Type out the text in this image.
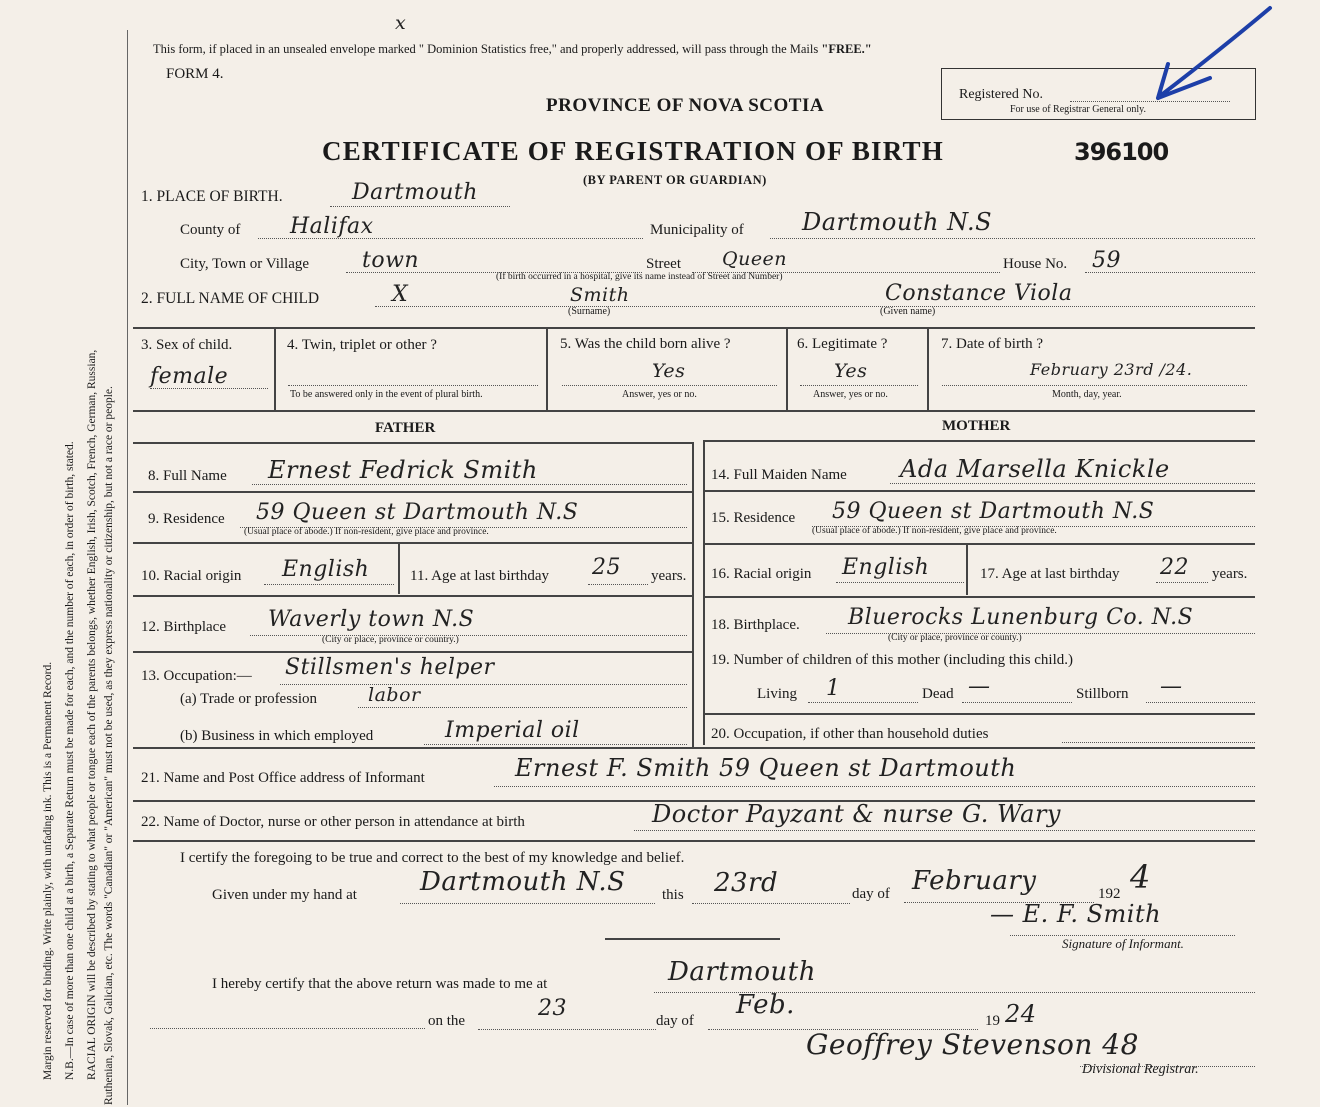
Margin reserved for binding. Write plainly, with unfading ink. This is a Permanent Record. N.B.—In case of more than one child at a birth, a Separate Return must be made for each, and the number of each, in order of birth, stated. RACIAL ORIGIN will be described by stating to what people or tongue each of the parents belongs, whether English, Irish, Scotch, French, German, Russian, Ruthenian, Slovak, Galician, etc. The words "Canadian" or "American" must not be used, as they express nationality or citizenship, but not a race or people.
x
This form, if placed in an unsealed envelope marked " Dominion Statistics free," and properly addressed, will pass through the Mails "FREE."
FORM 4.
PROVINCE OF NOVA SCOTIA
Registered No.
For use of Registrar General only.
CERTIFICATE OF REGISTRATION OF BIRTH	396100
(BY PARENT OR GUARDIAN)
1. PLACE OF BIRTH.	Dartmouth
County of Halifax	Municipality of Dartmouth N.S
City, Town or Village town	Street Queen
(If birth occurred in a hospital, give its name instead of Street and Number)
House No. 59
2. FULL NAME OF CHILD	X	Smith
(Surname)
Constance Viola
(Given name)
3. Sex of child.
female
4. Twin, triplet or other ?
To be answered only in the event of plural birth.
5. Was the child born alive ?
Yes
Answer, yes or no.
6. Legitimate ?
Yes
Answer, yes or no.
7. Date of birth ?
February 23rd /24.
Month, day, year.
FATHER	MOTHER
8. Full Name Ernest Fedrick Smith
9. Residence 59 Queen st Dartmouth N.S
(Usual place of abode.) If non-resident, give place and province.
10. Racial origin English	11. Age at last birthday 25 years.
12. Birthplace Waverly town N.S
(City or place, province or country.)
13. Occupation:— Stillsmen's helper
(a) Trade or profession	labor
(b) Business in which employed	Imperial oil
14. Full Maiden Name Ada Marsella Knickle
15. Residence 59 Queen st Dartmouth N.S
(Usual place of abode.) If non-resident, give place and province.
16. Racial origin English	17. Age at last birthday 22 years.
18. Birthplace. Bluerocks Lunenburg Co. N.S
(City or place, province or county.)
19. Number of children of this mother (including this child.)
Living 1	Dead —	Stillborn —
20. Occupation, if other than household duties
21. Name and Post Office address of Informant	Ernest F. Smith 59 Queen st Dartmouth
22. Name of Doctor, nurse or other person in attendance at birth	Doctor Payzant & nurse G. Wary
I certify the foregoing to be true and correct to the best of my knowledge and belief.
Given under my hand at Dartmouth N.S this 23rd	day of February	192 4
— E. F. Smith
Signature of Informant.
I hereby certify that the above return was made to me at	Dartmouth
on the	23	day of
Feb.
19 24
Geoffrey Stevenson 48
Divisional Registrar.
